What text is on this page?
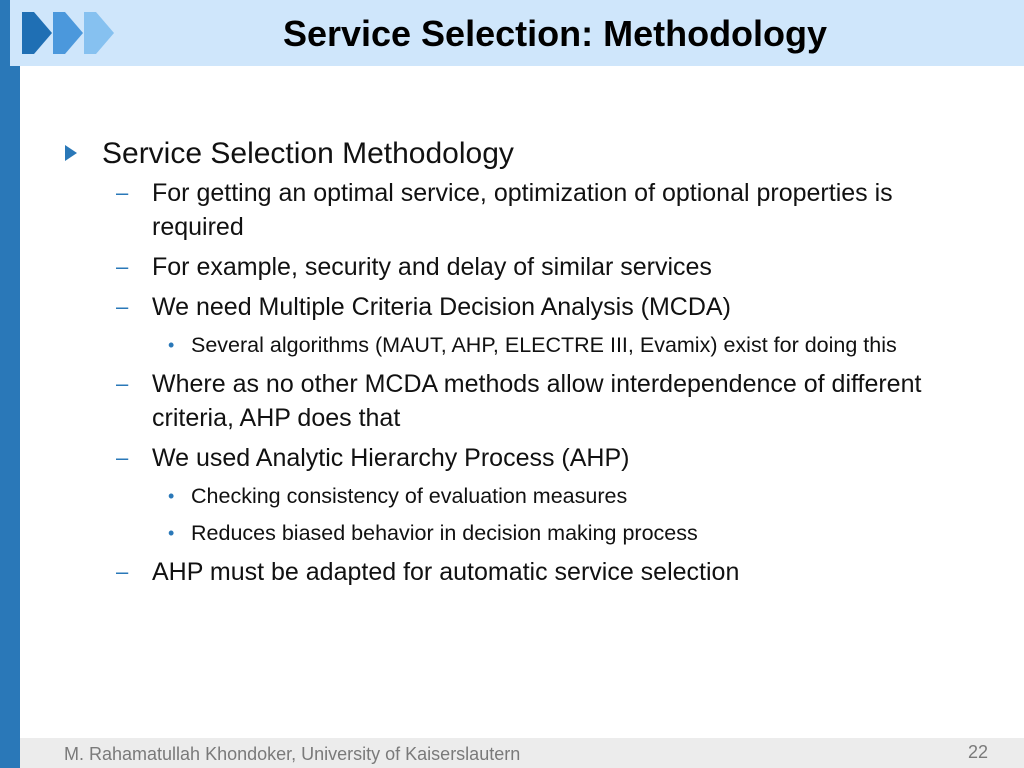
Service Selection: Methodology
Service Selection Methodology
– For getting an optimal service, optimization of optional properties is required
– For example, security and delay of similar services
– We need Multiple Criteria Decision Analysis (MCDA)
• Several algorithms (MAUT, AHP, ELECTRE III, Evamix) exist for doing this
– Where as no other MCDA methods allow interdependence of different criteria, AHP does that
– We used Analytic Hierarchy Process (AHP)
• Checking consistency of evaluation measures
• Reduces biased behavior in decision making process
– AHP must be adapted for automatic service selection
M. Rahamatullah Khondoker, University of Kaiserslautern	22
